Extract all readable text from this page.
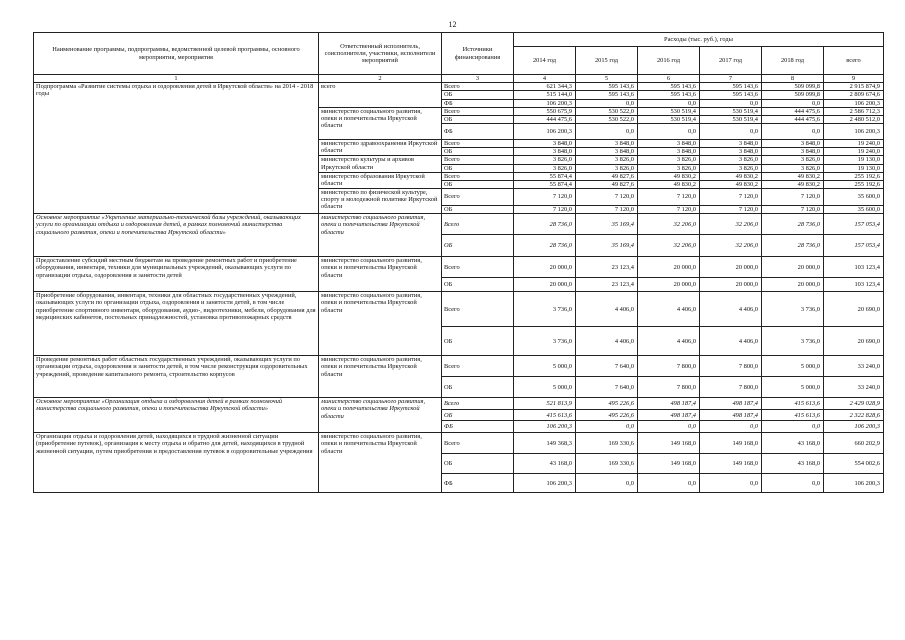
12
Наименование программы, подпрограммы, ведомственной целевой программы, основного мероприятия, мероприятия	Ответственный исполнитель, соисполнители, участники, исполнители мероприятий	Источники финансирования	Расходы (тыс. руб.), годы					
			2014 год	2015 год	2016 год	2017 год	2018 год	всего
1	2	3	4	5	6	7	8	9
Подпрограмма «Развитие системы отдыха и оздоровления детей в Иркутской области» на 2014 - 2018 годы	всего	Всего	621 344,3	595 143,6	595 143,6	595 143,6	509 099,8	2 915 874,9
		ОБ	515 144,0	595 143,6	595 143,6	595 143,6	509 099,8	2 809 674,6
		ФБ	106 200,3	0,0	0,0	0,0	0,0	106 200,3
	министерство социального развития, опеки и попечительства Иркутской области	Всего	550 675,9	530 522,0	530 519,4	530 519,4	444 475,6	2 586 712,3
		ОБ	444 475,6	530 522,0	530 519,4	530 519,4	444 475,6	2 480 512,0
		ФБ	106 200,3	0,0	0,0	0,0	0,0	106 200,3
	министерство здравоохранения Иркутской области	Всего	3 848,0	3 848,0	3 848,0	3 848,0	3 848,0	19 240,0
		ОБ	3 848,0	3 848,0	3 848,0	3 848,0	3 848,0	19 240,0
	министерство культуры и архивов Иркутской области	Всего	3 826,0	3 826,0	3 826,0	3 826,0	3 826,0	19 130,0
		ОБ	3 826,0	3 826,0	3 826,0	3 826,0	3 826,0	19 130,0
	министерство образования Иркутской области	Всего	55 874,4	49 827,6	49 830,2	49 830,2	49 830,2	255 192,6
		ОБ	55 874,4	49 827,6	49 830,2	49 830,2	49 830,2	255 192,6
	министерство по физической культуре, спорту и молодежной политике Иркутской области	Всего	7 120,0	7 120,0	7 120,0	7 120,0	7 120,0	35 600,0
		ОБ	7 120,0	7 120,0	7 120,0	7 120,0	7 120,0	35 600,0
Основное мероприятие «Укрепление материально-технической базы учреждений, оказывающих услуги по организации отдыха и оздоровления детей, в рамках полномочий министерства социального развития, опеки и попечительства Иркутской области»	министерство социального развития, опеки и попечительства Иркутской области	Всего	28 736,0	35 169,4	32 206,0	32 206,0	28 736,0	157 053,4
		ОБ	28 736,0	35 169,4	32 206,0	32 206,0	28 736,0	157 053,4
Предоставление субсидий местным бюджетам на проведение ремонтных работ и приобретение оборудования, инвентаря, техники для муниципальных учреждений, оказывающих услуги по организации отдыха, оздоровления и занятости детей	министерство социального развития, опеки и попечительства Иркутской области	Всего	20 000,0	23 123,4	20 000,0	20 000,0	20 000,0	103 123,4
		ОБ	20 000,0	23 123,4	20 000,0	20 000,0	20 000,0	103 123,4
Приобретение оборудования, инвентаря, техники для областных государственных учреждений, оказывающих услуги по организации отдыха, оздоровления и занятости детей, в том числе приобретение спортивного инвентаря, оборудования, аудио-, видеотехники, мебели, оборудования для медицинских кабинетов, постельных принадлежностей, установка противопожарных средств	министерство социального развития, опеки и попечительства Иркутской области	Всего	3 736,0	4 406,0	4 406,0	4 406,0	3 736,0	20 690,0
		ОБ	3 736,0	4 406,0	4 406,0	4 406,0	3 736,0	20 690,0
Проведение ремонтных работ областных государственных учреждений, оказывающих услуги по организации отдыха, оздоровления и занятости детей, в том числе реконструкция оздоровительных учреждений, проведение капитального ремонта, строительство корпусов	министерство социального развития, опеки и попечительства Иркутской области	Всего	5 000,0	7 640,0	7 800,0	7 800,0	5 000,0	33 240,0
		ОБ	5 000,0	7 640,0	7 800,0	7 800,0	5 000,0	33 240,0
Основное мероприятие «Организация отдыха и оздоровления детей в рамках полномочий министерства социального развития, опеки и попечительства Иркутской области»	министерство социального развития, опеки и попечительства Иркутской области	Всего	521 813,9	495 226,6	498 187,4	498 187,4	415 613,6	2 429 028,9
		ОБ	415 613,6	495 226,6	498 187,4	498 187,4	415 613,6	2 322 828,6
		ФБ	106 200,3	0,0	0,0	0,0	0,0	106 200,3
Организация отдыха и оздоровления детей, находящихся в трудной жизненной ситуации (приобретение путевок), организация к месту отдыха и обратно для детей, находящихся в трудной жизненной ситуации, путем приобретения и предоставления путевок в оздоровительные учреждения	министерство социального развития, опеки и попечительства Иркутской области	Всего	149 368,3	169 330,6	149 168,0	149 168,0	43 168,0	660 202,9
		ОБ	43 168,0	169 330,6	149 168,0	149 168,0	43 168,0	554 002,6
		ФБ	106 200,3	0,0	0,0	0,0	0,0	106 200,3
